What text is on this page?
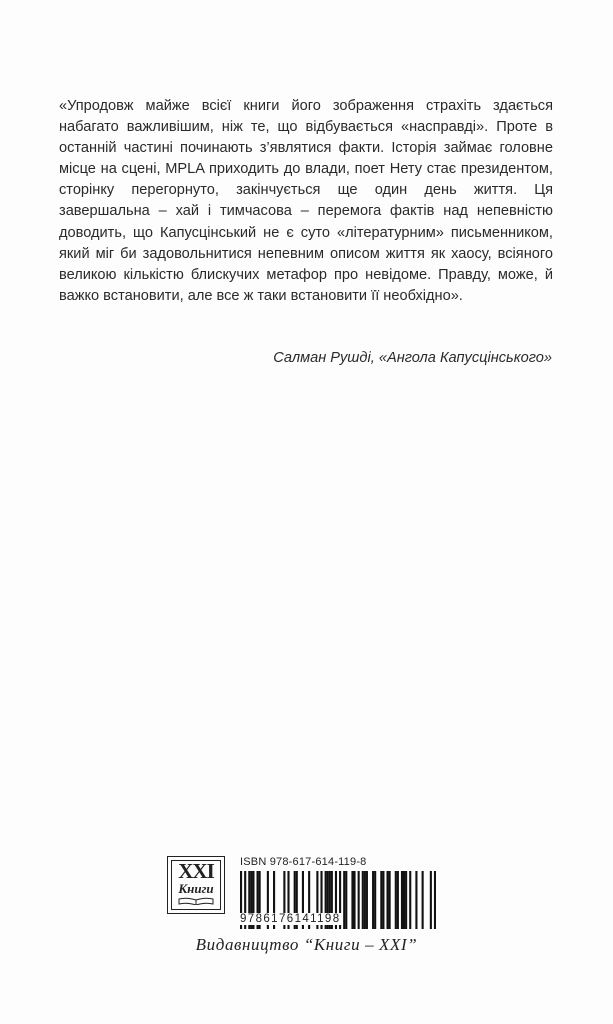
«Упродовж майже всієї книги його зображення страхіть здається набагато важливішим, ніж те, що відбувається «насправді». Проте в останній частині починають з’являтися факти. Історія займає головне місце на сцені, MPLA приходить до влади, поет Нету стає президентом, сторінку перегорнуто, закінчується ще один день життя. Ця завершальна – хай і тимчасова – перемога фактів над непевністю доводить, що Капусцінський не є суто «літературним» письменником, який міг би задовольнитися непевним описом життя як хаосу, всіяного великою кількістю блискучих метафор про невідоме. Правду, може, й важко встановити, але все ж таки встановити її необхідно».

Салман Рушді, «Ангола Капусцінського»
XXI
Книги
ISBN 978-617-614-119-8
9786176141198
Видавництво “Книги – XXI”
